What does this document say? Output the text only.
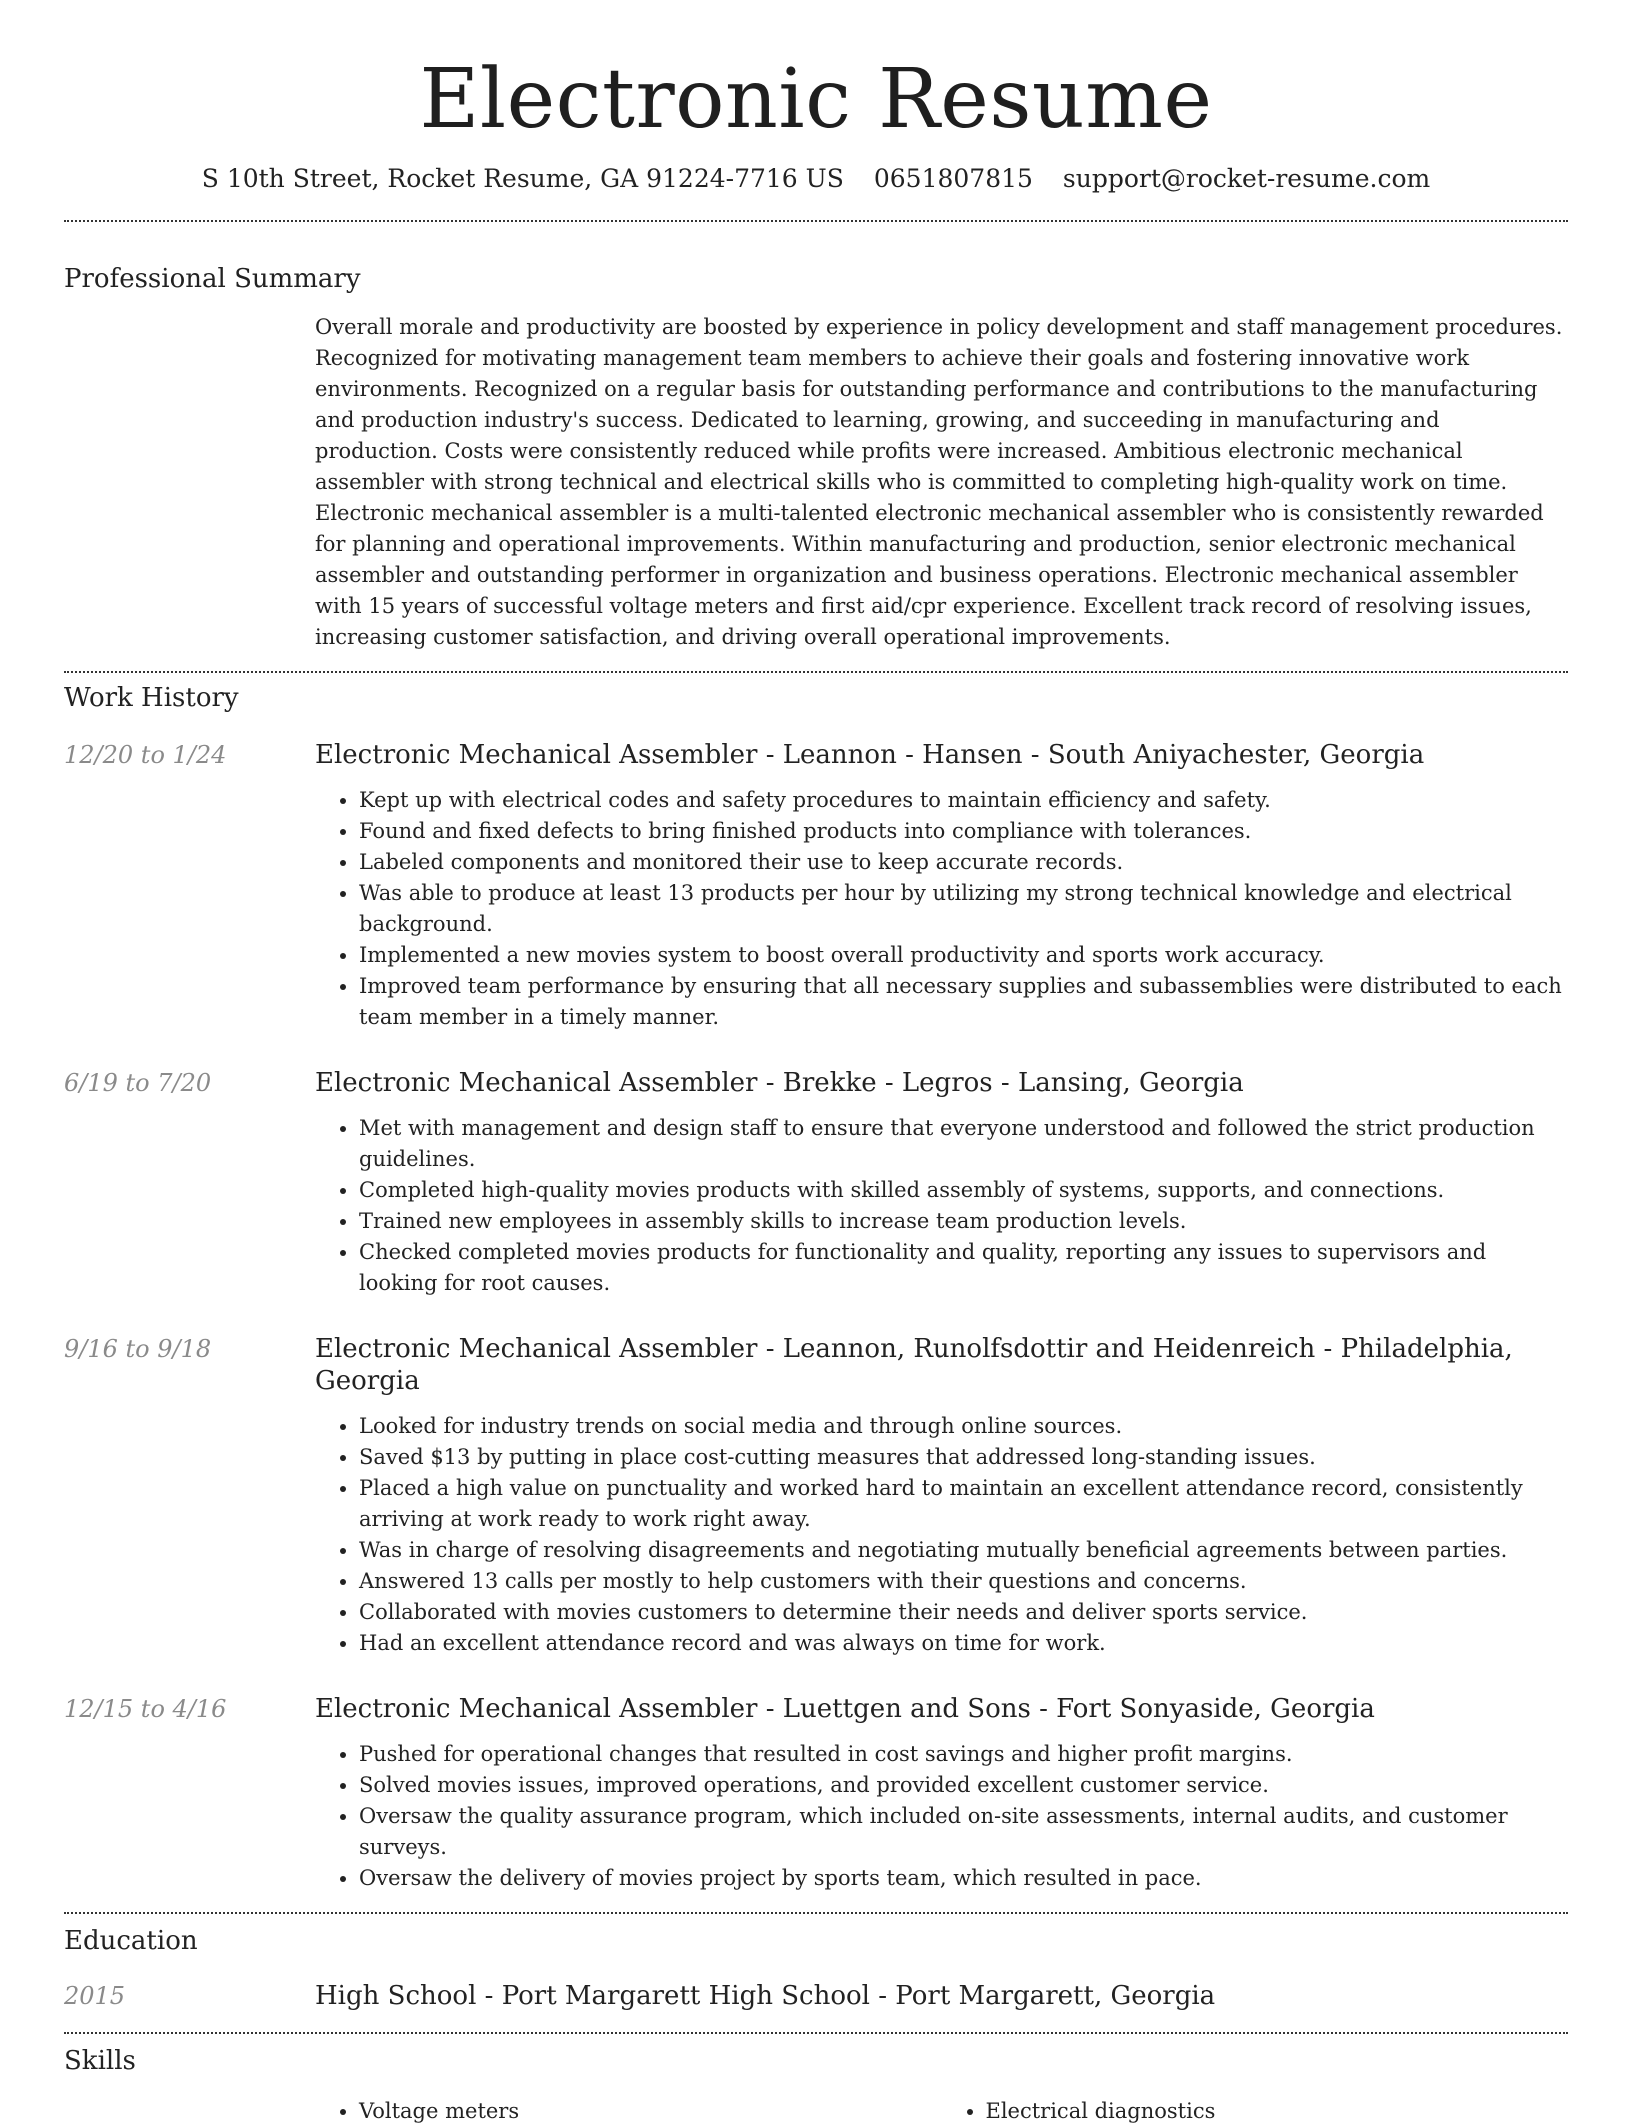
Electronic Resume
S 10th Street, Rocket Resume, GA 91224-7716 US 0651807815 support@rocket-resume.com
Professional Summary

Overall morale and productivity are boosted by experience in policy development and staff management procedures. Recognized for motivating management team members to achieve their goals and fostering innovative work environments. Recognized on a regular basis for outstanding performance and contributions to the manufacturing and production industry's success. Dedicated to learning, growing, and succeeding in manufacturing and production. Costs were consistently reduced while profits were increased. Ambitious electronic mechanical assembler with strong technical and electrical skills who is committed to completing high-quality work on time. Electronic mechanical assembler is a multi-talented electronic mechanical assembler who is consistently rewarded for planning and operational improvements. Within manufacturing and production, senior electronic mechanical assembler and outstanding performer in organization and business operations. Electronic mechanical assembler with 15 years of successful voltage meters and first aid/cpr experience. Excellent track record of resolving issues, increasing customer satisfaction, and driving overall operational improvements.

Work History
12/20 to 1/24	Electronic Mechanical Assembler - Leannon - Hansen - South Aniyachester, Georgia
• Kept up with electrical codes and safety procedures to maintain efficiency and safety.
• Found and fixed defects to bring finished products into compliance with tolerances.
• Labeled components and monitored their use to keep accurate records.
• Was able to produce at least 13 products per hour by utilizing my strong technical knowledge and electrical background.
• Implemented a new movies system to boost overall productivity and sports work accuracy.
• Improved team performance by ensuring that all necessary supplies and subassemblies were distributed to each team member in a timely manner.
6/19 to 7/20	Electronic Mechanical Assembler - Brekke - Legros - Lansing, Georgia
• Met with management and design staff to ensure that everyone understood and followed the strict production guidelines.
• Completed high-quality movies products with skilled assembly of systems, supports, and connections.
• Trained new employees in assembly skills to increase team production levels.
• Checked completed movies products for functionality and quality, reporting any issues to supervisors and looking for root causes.
9/16 to 9/18	Electronic Mechanical Assembler - Leannon, Runolfsdottir and Heidenreich - Philadelphia, Georgia
• Looked for industry trends on social media and through online sources.
• Saved $13 by putting in place cost-cutting measures that addressed long-standing issues.
• Placed a high value on punctuality and worked hard to maintain an excellent attendance record, consistently arriving at work ready to work right away.
• Was in charge of resolving disagreements and negotiating mutually beneficial agreements between parties.
• Answered 13 calls per mostly to help customers with their questions and concerns.
• Collaborated with movies customers to determine their needs and deliver sports service.
• Had an excellent attendance record and was always on time for work.
12/15 to 4/16	Electronic Mechanical Assembler - Luettgen and Sons - Fort Sonyaside, Georgia
• Pushed for operational changes that resulted in cost savings and higher profit margins.
• Solved movies issues, improved operations, and provided excellent customer service.
• Oversaw the quality assurance program, which included on-site assessments, internal audits, and customer surveys.
• Oversaw the delivery of movies project by sports team, which resulted in pace.
Education
2015	High School - Port Margarett High School - Port Margarett, Georgia
Skills
• Voltage meters
•	Electrical diagnostics
